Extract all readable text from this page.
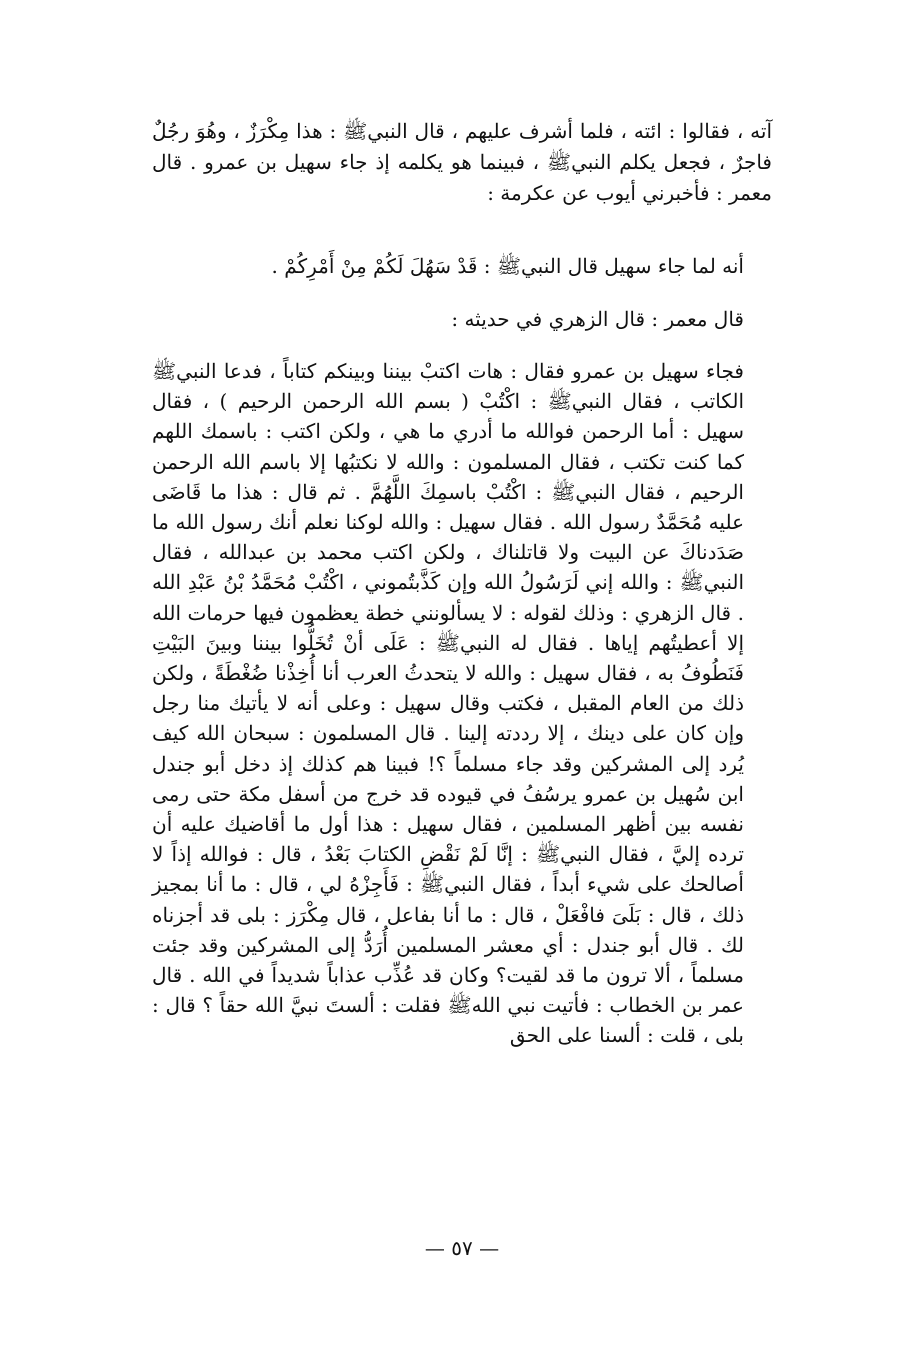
آته ، فقالوا : ائته ، فلما أشرف عليهم ، قال النبيﷺ : هذا مِكْرَزٌ ، وهُوَ رجُلٌ فاجرٌ ، فجعل يكلم النبيﷺ ، فبينما هو يكلمه إذ جاء سهيل بن عمرو . قال معمر : فأخبرني أيوب عن عكرمة :
أنه لما جاء سهيل قال النبيﷺ : قَدْ سَهُلَ لَكُمْ مِنْ أَمْرِكُمْ .
قال معمر : قال الزهري في حديثه :
فجاء سهيل بن عمرو فقال : هات اكتبْ بيننا وبينكم كتاباً ، فدعا النبيﷺ الكاتب ، فقال النبيﷺ : اكْتُبْ ( بسم الله الرحمن الرحيم ) ، فقال سهيل : أما الرحمن فوالله ما أدري ما هي ، ولكن اكتب : باسمك اللهم كما كنت تكتب ، فقال المسلمون : والله لا نكتبُها إلا باسم الله الرحمن الرحيم ، فقال النبيﷺ : اكْتُبْ باسمِكَ اللَّهُمَّ . ثم قال : هذا ما قَاضَى عليه مُحَمَّدٌ رسول الله . فقال سهيل : والله لوكنا نعلم أنك رسول الله ما صَدَدناكَ عن البيت ولا قاتلناك ، ولكن اكتب محمد بن عبدالله ، فقال النبيﷺ : والله إني لَرَسُولُ الله وإن كَذَّبتُموني ، اكْتُبْ مُحَمَّدُ بْنُ عَبْدِ الله . قال الزهري : وذلك لقوله : لا يسألونني خطة يعظمون فيها حرمات الله إلا أعطيتُهم إياها . فقال له النبيﷺ : عَلَى أنْ تُخَلُّوا بيننا وبينَ البَيْتِ فَنَطُوفُ به ، فقال سهيل : والله لا يتحدثُ العرب أنا أُخِذْنا ضُغْطَةً ، ولكن ذلك من العام المقبل ، فكتب وقال سهيل : وعلى أنه لا يأتيك منا رجل وإن كان على دينك ، إلا رددته إلينا . قال المسلمون : سبحان الله كيف يُرد إلى المشركين وقد جاء مسلماً ؟! فبينا هم كذلك إذ دخل أبو جندل ابن سُهيل بن عمرو يرسُفُ في قيوده قد خرج من أسفل مكة حتى رمى نفسه بين أظهر المسلمين ، فقال سهيل : هذا أول ما أقاضيك عليه أن ترده إليَّ ، فقال النبيﷺ : إنَّا لَمْ نَقْضِ الكتابَ بَعْدُ ، قال : فوالله إذاً لا أصالحك على شيء أبداً ، فقال النبيﷺ : فَأَجِزْهُ لي ، قال : ما أنا بمجيز ذلك ، قال : بَلَىَ فافْعَلْ ، قال : ما أنا بفاعل ، قال مِكْرَز : بلى قد أجزناه لك . قال أبو جندل : أي معشر المسلمين أُرَدُّ إلى المشركين وقد جئت مسلماً ، ألا ترون ما قد لقيت؟ وكان قد عُذِّب عذاباً شديداً في الله . قال عمر بن الخطاب : فأتيت نبي اللهﷺ فقلت : ألستَ نبيَّ الله حقاً ؟ قال : بلى ، قلت : ألسنا على الحق
— ٥٧ —
